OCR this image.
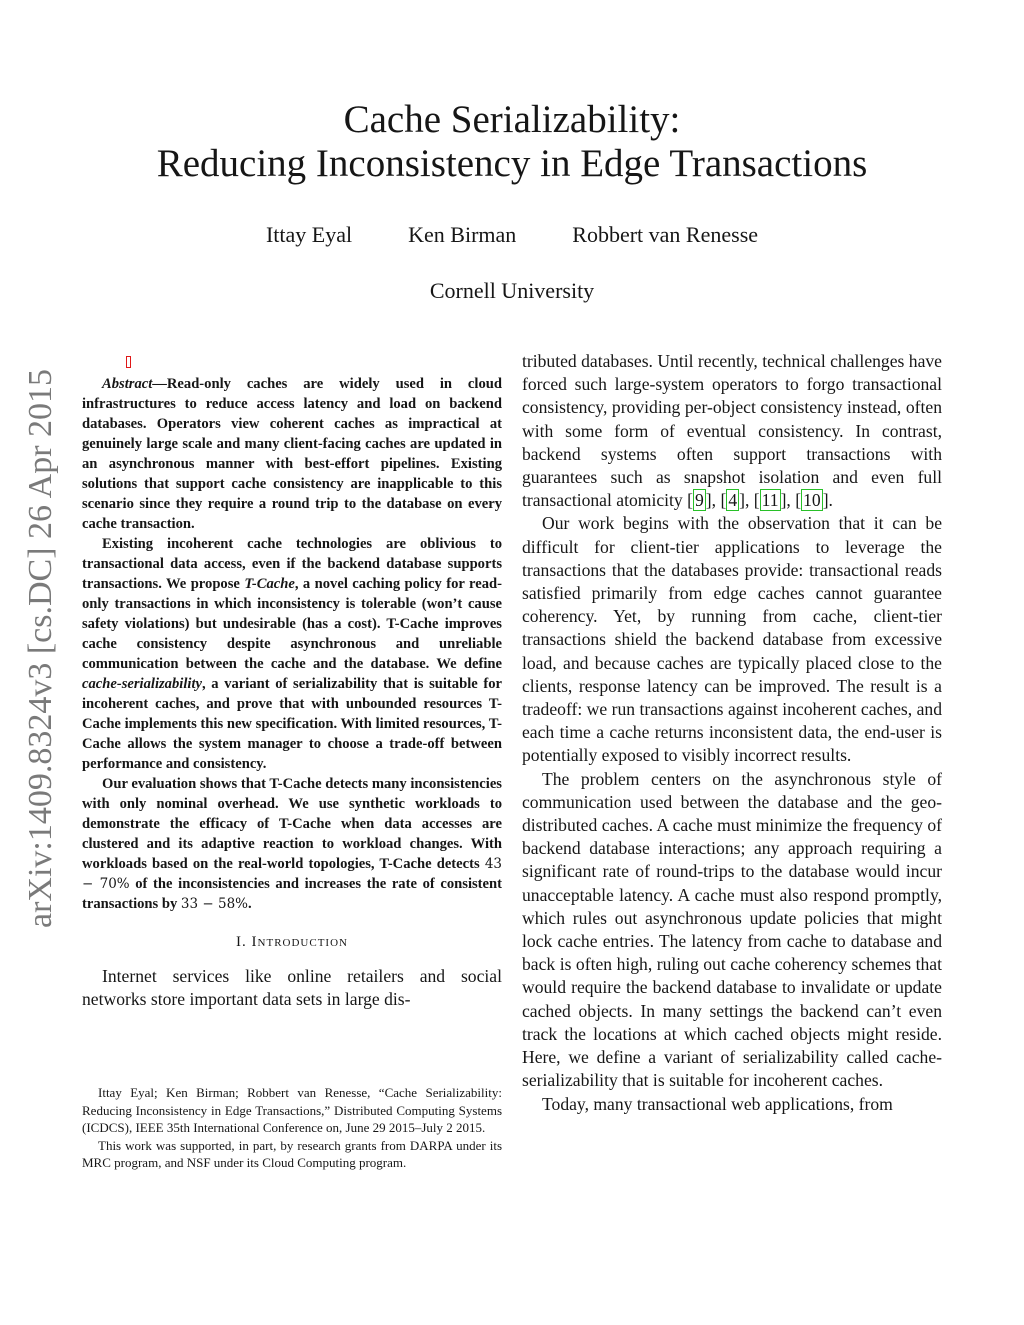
Cache Serializability:
Reducing Inconsistency in Edge Transactions
Ittay Eyal	Ken Birman	Robbert van Renesse
Cornell University
arXiv:1409.8324v3 [cs.DC] 26 Apr 2015	Abstract—Read-only caches are widely used in cloud infrastructures to reduce access latency and load on backend databases. Operators view coherent caches as impractical at genuinely large scale and many client-facing caches are updated in an asynchronous manner with best-effort pipelines. Existing solutions that support cache consistency are inapplicable to this scenario since they require a round trip to the database on every cache transaction.

Existing incoherent cache technologies are oblivious to transactional data access, even if the backend database supports transactions. We propose T-Cache, a novel caching policy for read-only transactions in which inconsistency is tolerable (won’t cause safety violations) but undesirable (has a cost). T-Cache improves cache consistency despite asynchronous and unreliable communication between the cache and the database. We define cache-serializability, a variant of serializability that is suitable for incoherent caches, and prove that with unbounded resources T-Cache implements this new specification. With limited resources, T-Cache allows the system manager to choose a trade-off between performance and consistency.

Our evaluation shows that T-Cache detects many inconsistencies with only nominal overhead. We use synthetic workloads to demonstrate the efficacy of T-Cache when data accesses are clustered and its adaptive reaction to workload changes. With workloads based on the real-world topologies, T-Cache detects 43 − 70% of the inconsistencies and increases the rate of consistent transactions by 33 − 58%.

I. Introduction

Internet services like online retailers and social networks store important data sets in large dis-

Ittay Eyal; Ken Birman; Robbert van Renesse, “Cache Serializability: Reducing Inconsistency in Edge Transactions,” Distributed Computing Systems (ICDCS), IEEE 35th International Conference on, June 29 2015–July 2 2015.

This work was supported, in part, by research grants from DARPA under its MRC program, and NSF under its Cloud Computing program.

tributed databases. Until recently, technical challenges have forced such large-system operators to forgo transactional consistency, providing per-object consistency instead, often with some form of eventual consistency. In contrast, backend systems often support transactions with guarantees such as snapshot isolation and even full transactional atomicity [ 9 ], [ 4 ], [ 11 ], [ 10 ].

Our work begins with the observation that it can be difficult for client-tier applications to leverage the transactions that the databases provide: transactional reads satisfied primarily from edge caches cannot guarantee coherency. Yet, by running from cache, client-tier transactions shield the backend database from excessive load, and because caches are typically placed close to the clients, response latency can be improved. The result is a tradeoff: we run transactions against incoherent caches, and each time a cache returns inconsistent data, the end-user is potentially exposed to visibly incorrect results.

The problem centers on the asynchronous style of communication used between the database and the geo-distributed caches. A cache must minimize the frequency of backend database interactions; any approach requiring a significant rate of round-trips to the database would incur unacceptable latency. A cache must also respond promptly, which rules out asynchronous update policies that might lock cache entries. The latency from cache to database and back is often high, ruling out cache coherency schemes that would require the backend database to invalidate or update cached objects. In many settings the backend can’t even track the locations at which cached objects might reside. Here, we define a variant of serializability called cache-serializability that is suitable for incoherent caches.

Today, many transactional web applications, from
